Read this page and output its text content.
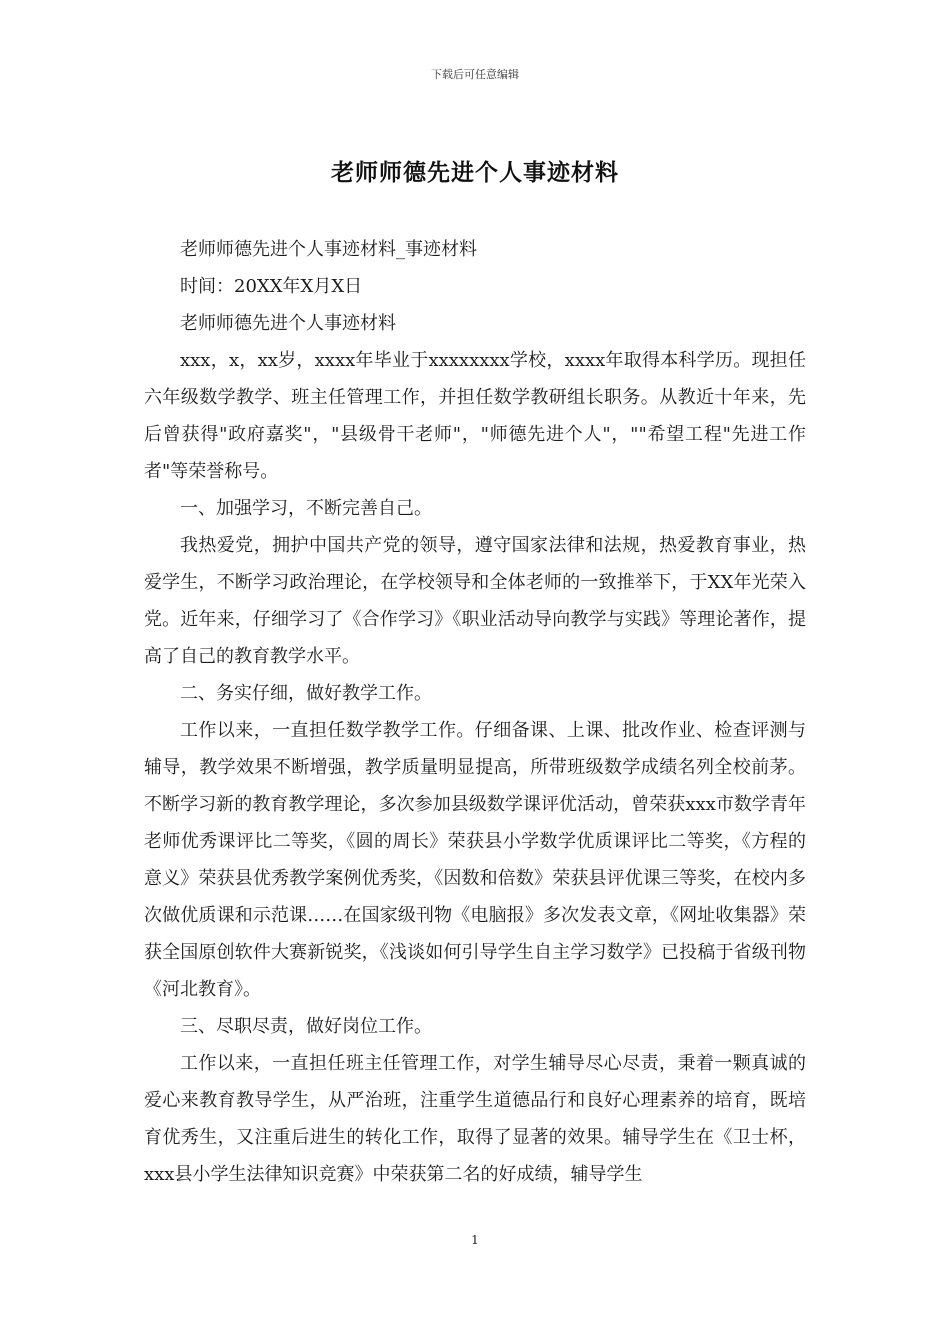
下载后可任意编辑
老师师德先进个人事迹材料

老师师德先进个人事迹材料_事迹材料

时间：20XX年X月X日

老师师德先进个人事迹材料

xxx，x，xx岁，xxxx年毕业于xxxxxxxx学校，xxxx年取得本科学历。现担任六年级数学教学、班主任管理工作，并担任数学教研组长职务。从教近十年来，先后曾获得"政府嘉奖"，"县级骨干老师"，"师德先进个人"，""希望工程"先进工作者"等荣誉称号。

一、加强学习，不断完善自己。

我热爱党，拥护中国共产党的领导，遵守国家法律和法规，热爱教育事业，热爱学生，不断学习政治理论，在学校领导和全体老师的一致推举下，于XX年光荣入党。近年来，仔细学习了《合作学习》《职业活动导向教学与实践》等理论著作，提高了自己的教育教学水平。

二、务实仔细，做好教学工作。

工作以来，一直担任数学教学工作。仔细备课、上课、批改作业、检查评测与辅导，教学效果不断增强，教学质量明显提高，所带班级数学成绩名列全校前茅。不断学习新的教育教学理论，多次参加县级数学课评优活动，曾荣获xxx市数学青年老师优秀课评比二等奖，《圆的周长》荣获县小学数学优质课评比二等奖，《方程的意义》荣获县优秀教学案例优秀奖，《因数和倍数》荣获县评优课三等奖，在校内多次做优质课和示范课……在国家级刊物《电脑报》多次发表文章，《网址收集器》荣获全国原创软件大赛新锐奖，《浅谈如何引导学生自主学习数学》已投稿于省级刊物《河北教育》。

三、尽职尽责，做好岗位工作。

工作以来，一直担任班主任管理工作，对学生辅导尽心尽责，秉着一颗真诚的爱心来教育教导学生，从严治班，注重学生道德品行和良好心理素养的培育，既培育优秀生，又注重后进生的转化工作，取得了显著的效果。辅导学生在《卫士杯，xxx县小学生法律知识竞赛》中荣获第二名的好成绩，辅导学生

1
